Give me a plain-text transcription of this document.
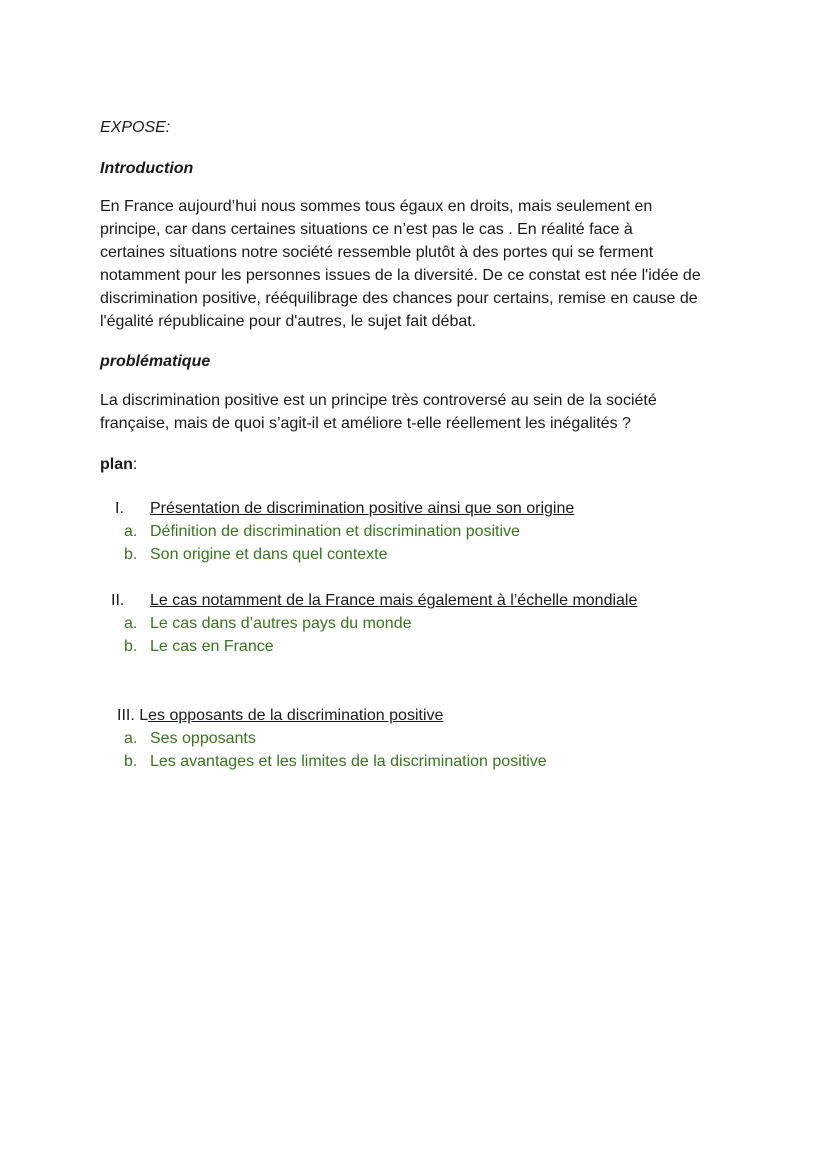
EXPOSE:

Introduction

En France aujourd’hui nous sommes tous égaux en droits, mais seulement en
principe, car dans certaines situations ce n’est pas le cas . En réalité face à
certaines situations notre société ressemble plutôt à des portes qui se ferment
notamment pour les personnes issues de la diversité. De ce constat est née l'idée de
discrimination positive, rééquilibrage des chances pour certains, remise en cause de
l'égalité républicaine pour d'autres, le sujet fait débat.

problématique

La discrimination positive est un principe très controversé au sein de la société
française, mais de quoi s’agit-il et améliore t-elle réellement les inégalités ?

plan:

I. Présentation de discrimination positive ainsi que son origine
a. Définition de discrimination et discrimination positive
b. Son origine et dans quel contexte
II. Le cas notamment de la France mais également à l’échelle mondiale
a. Le cas dans d’autres pays du monde
b. Le cas en France
III. Les opposants de la discrimination positive
a. Ses opposants
b. Les avantages et les limites de la discrimination positive
